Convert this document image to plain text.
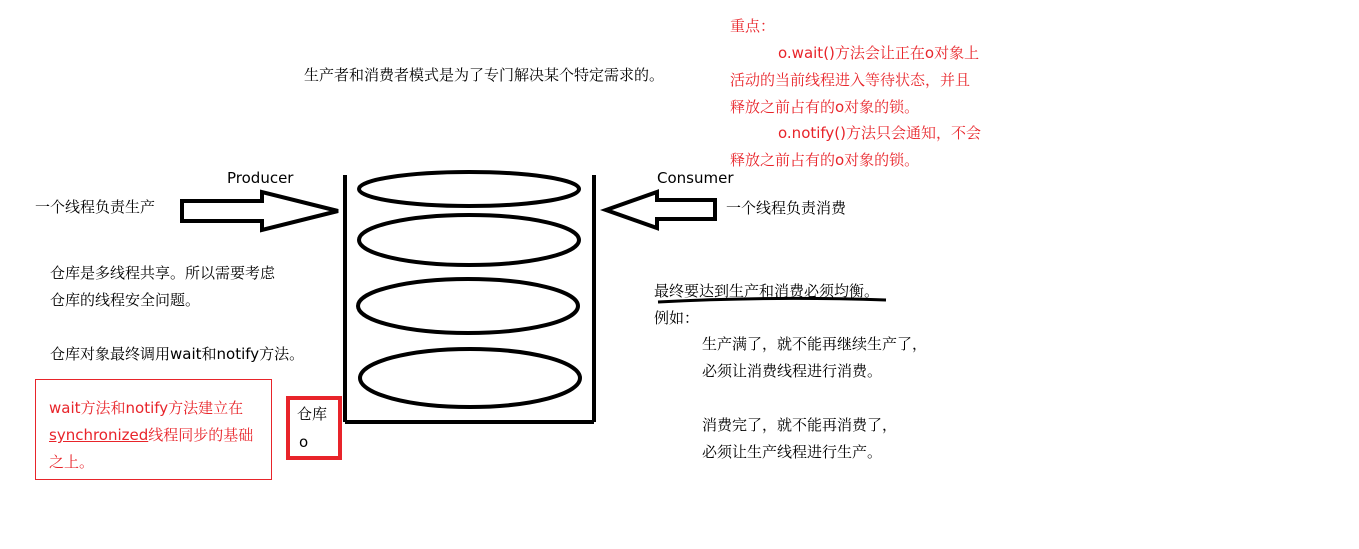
生产者和消费者模式是为了专门解决某个特定需求的。
重点：
o.wait()方法会让正在o对象上
活动的当前线程进入等待状态，并且
释放之前占有的o对象的锁。
o.notify()方法只会通知，不会
释放之前占有的o对象的锁。
Producer
一个线程负责生产
Consumer
一个线程负责消费
仓库是多线程共享。所以需要考虑
仓库的线程安全问题。
仓库对象最终调用wait和notify方法。
wait方法和notify方法建立在
synchronized线程同步的基础
之上。
仓库
o
最终要达到生产和消费必须均衡。
例如：
生产满了，就不能再继续生产了，
必须让消费线程进行消费。
消费完了，就不能再消费了，
必须让生产线程进行生产。
